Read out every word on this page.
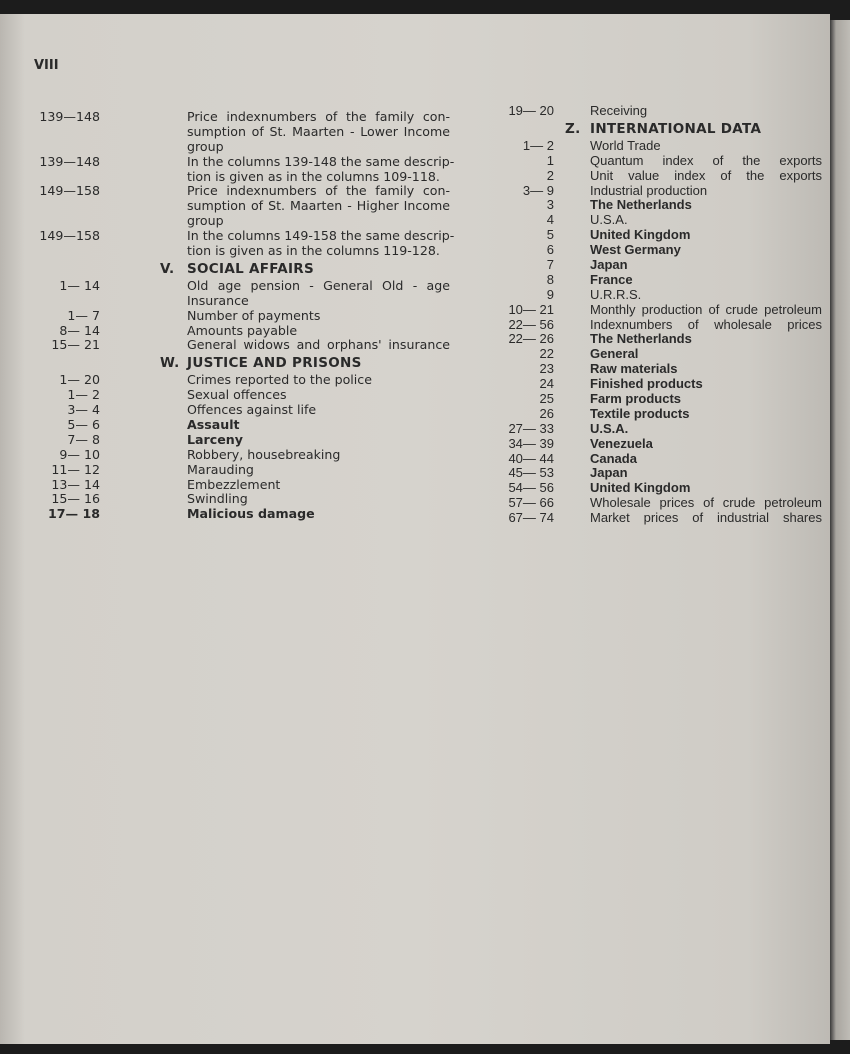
VIII
139—148	Price indexnumbers of the family con-
sumption of St. Maarten - Lower Income
group
139—148	In the columns 139-148 the same descrip-
tion is given as in the columns 109-118.
149—158	Price indexnumbers of the family con-
sumption of St. Maarten - Higher Income
group
149—158	In the columns 149-158 the same descrip-
tion is given as in the columns 119-128.
V. SOCIAL AFFAIRS
1— 14	Old age pension - General Old - age
Insurance
1— 7	Number of payments
8— 14	Amounts payable
15— 21	General widows and orphans' insurance
W. JUSTICE AND PRISONS
1— 20	Crimes reported to the police
1— 2	Sexual offences
3— 4	Offences against life
5— 6	Assault
7— 8	Larceny
9— 10	Robbery, housebreaking
11— 12	Marauding
13— 14	Embezzlement
15— 16	Swindling
17— 18	Malicious damage
19— 20	Receiving
Z. INTERNATIONAL DATA
1— 2	World Trade
1	Quantum index of the exports
2	Unit value index of the exports
3— 9	Industrial production
3	The Netherlands
4	U.S.A.
5	United Kingdom
6	West Germany
7	Japan
8	France
9	U.R.R.S.
10— 21	Monthly production of crude petroleum
22— 56	Indexnumbers of wholesale prices
22— 26	The Netherlands
22	General
23	Raw materials
24	Finished products
25	Farm products
26	Textile products
27— 33	U.S.A.
34— 39	Venezuela
40— 44	Canada
45— 53	Japan
54— 56	United Kingdom
57— 66	Wholesale prices of crude petroleum
67— 74	Market prices of industrial shares
